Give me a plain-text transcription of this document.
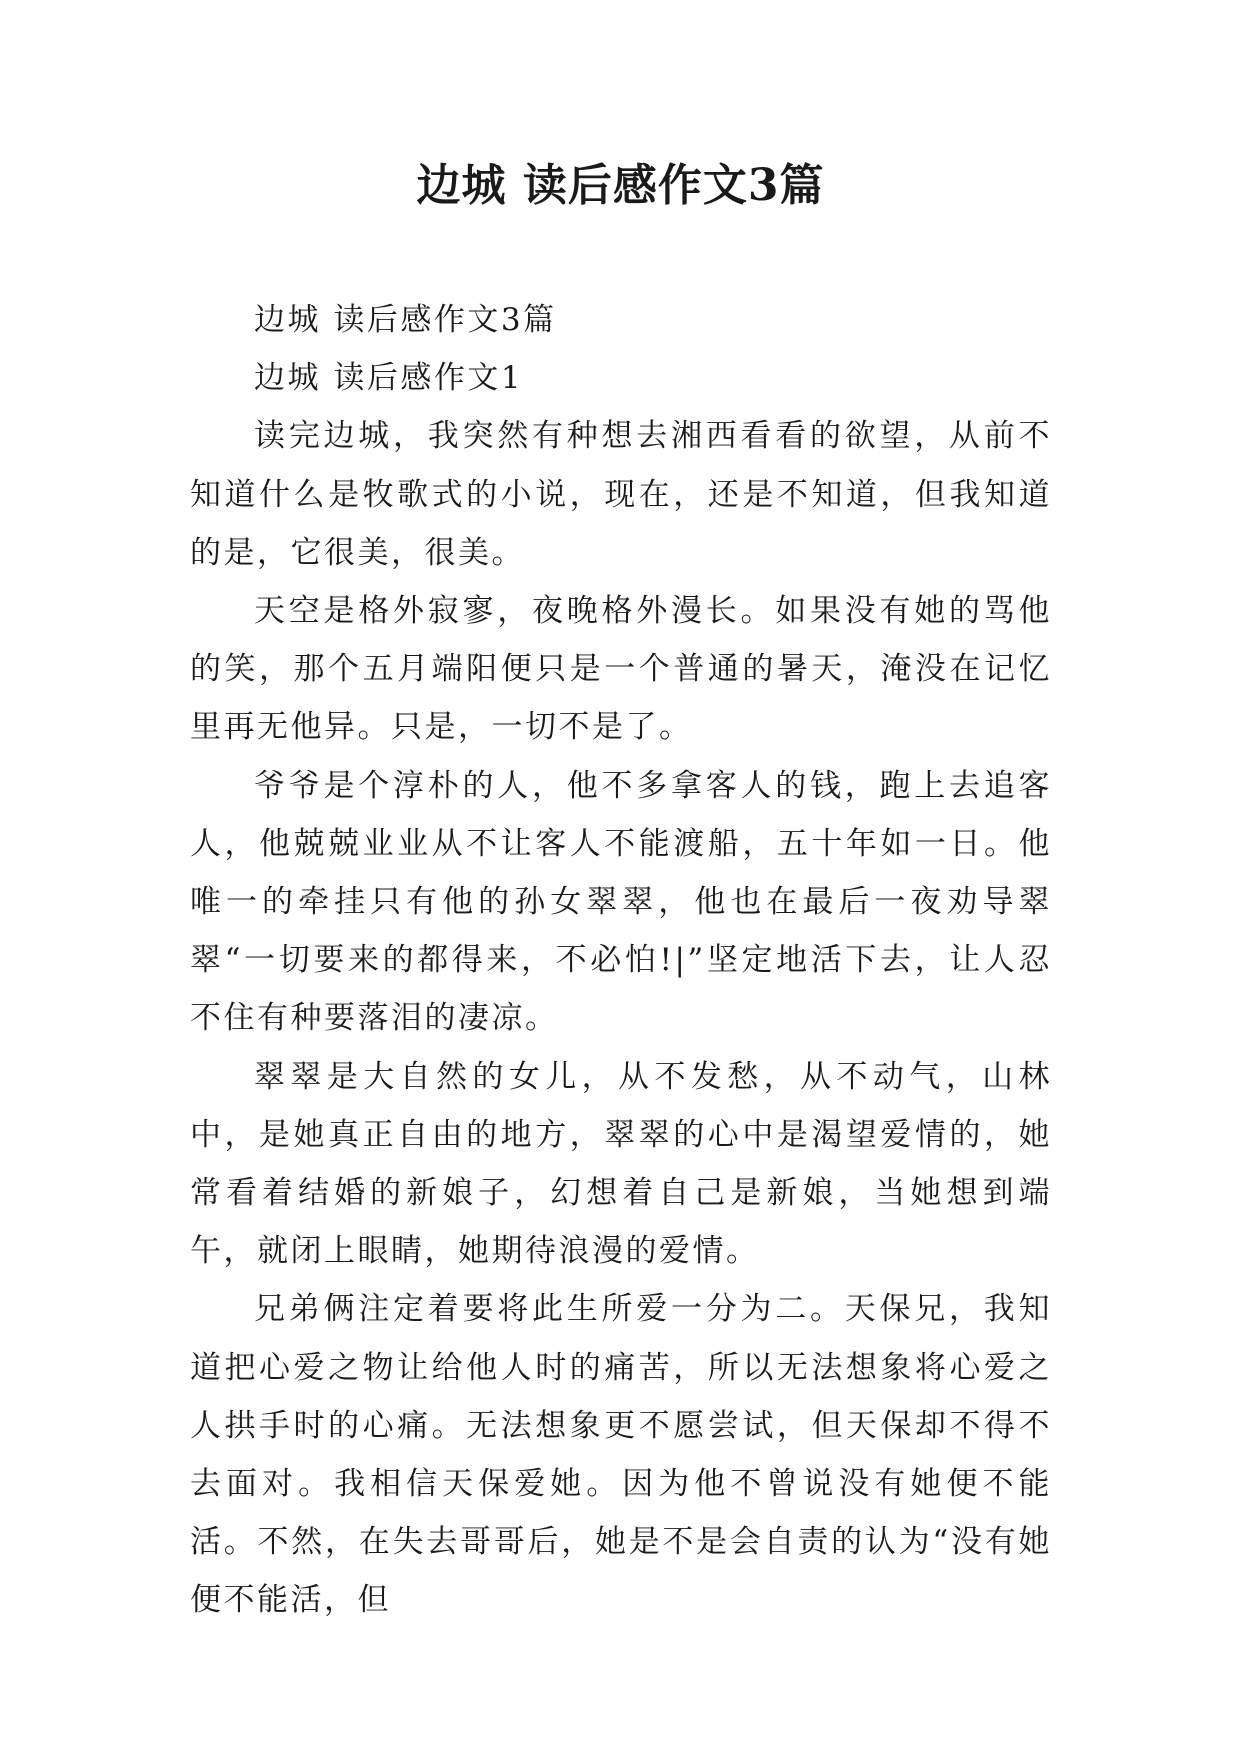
边城 读后感作文3篇

边城 读后感作文3篇

边城 读后感作文1

读完边城，我突然有种想去湘西看看的欲望，从前不知道什么是牧歌式的小说，现在，还是不知道，但我知道的是，它很美，很美。

天空是格外寂寥，夜晚格外漫长。如果没有她的骂他的笑，那个五月端阳便只是一个普通的暑天，淹没在记忆里再无他异。只是，一切不是了。

爷爷是个淳朴的人，他不多拿客人的钱，跑上去追客人，他兢兢业业从不让客人不能渡船，五十年如一日。他唯一的牵挂只有他的孙女翠翠，他也在最后一夜劝导翠翠“一切要来的都得来，不必怕!|”坚定地活下去，让人忍不住有种要落泪的凄凉。

翠翠是大自然的女儿，从不发愁，从不动气，山林中，是她真正自由的地方，翠翠的心中是渴望爱情的，她常看着结婚的新娘子，幻想着自己是新娘，当她想到端午，就闭上眼睛，她期待浪漫的爱情。

兄弟俩注定着要将此生所爱一分为二。天保兄，我知道把心爱之物让给他人时的痛苦，所以无法想象将心爱之人拱手时的心痛。无法想象更不愿尝试，但天保却不得不去面对。我相信天保爱她。因为他不曾说没有她便不能活。不然，在失去哥哥后，她是不是会自责的认为“没有她便不能活，但
